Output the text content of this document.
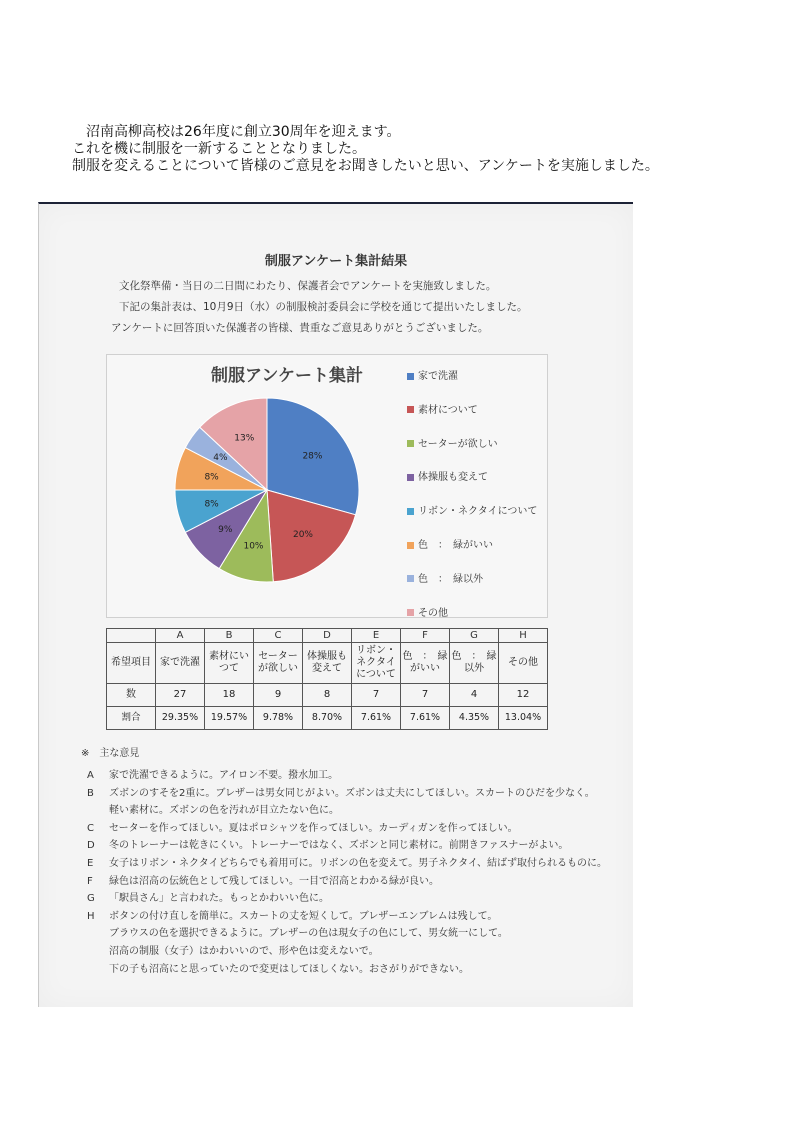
沼南高柳高校は26年度に創立30周年を迎えます。
これを機に制服を一新することとなりました。
制服を変えることについて皆様のご意見をお聞きしたいと思い、アンケートを実施しました。
制服アンケート集計結果
文化祭準備・当日の二日間にわたり、保護者会でアンケートを実施致しました。
下記の集計表は、10月9日（水）の制服検討委員会に学校を通じて提出いたしました。
アンケートに回答頂いた保護者の皆様、貴重なご意見ありがとうございました。
制服アンケート集計
28%
20%
10%
9%
8%
8%
4%
13%
家で洗濯
素材について
セーターが欲しい
体操服も変えて
リボン・ネクタイについて
色　：　緑がいい
色　：　緑以外
その他
	A	B	C	D	E	F	G	H
希望項目	家で洗濯	素材にいつて	セーターが欲しい	体操服も変えて	リボン・ネクタイについて	色　：　緑がいい	色　：　緑以外	その他
数	27	18	9	8	7	7	4	12
割合	29.35%	19.57%	9.78%	8.70%	7.61%	7.61%	4.35%	13.04%
※　主な意見
A 家で洗濯できるように。アイロン不要。撥水加工。
B ズボンのすそを2重に。ブレザーは男女同じがよい。ズボンは丈夫にしてほしい。スカートのひだを少なく。
軽い素材に。ズボンの色を汚れが目立たない色に。
C セーターを作ってほしい。夏はポロシャツを作ってほしい。カーディガンを作ってほしい。
D 冬のトレーナーは乾きにくい。トレーナーではなく、ズボンと同じ素材に。前開きファスナーがよい。
E 女子はリボン・ネクタイどちらでも着用可に。リボンの色を変えて。男子ネクタイ、結ばず取付られるものに。
F 緑色は沼高の伝統色として残してほしい。一目で沼高とわかる緑が良い。
G 「駅員さん」と言われた。もっとかわいい色に。
H ボタンの付け直しを簡単に。スカートの丈を短くして。ブレザーエンブレムは残して。
ブラウスの色を選択できるように。ブレザーの色は現女子の色にして、男女統一にして。
沼高の制服（女子）はかわいいので、形や色は変えないで。
下の子も沼高にと思っていたので変更はしてほしくない。おさがりができない。
